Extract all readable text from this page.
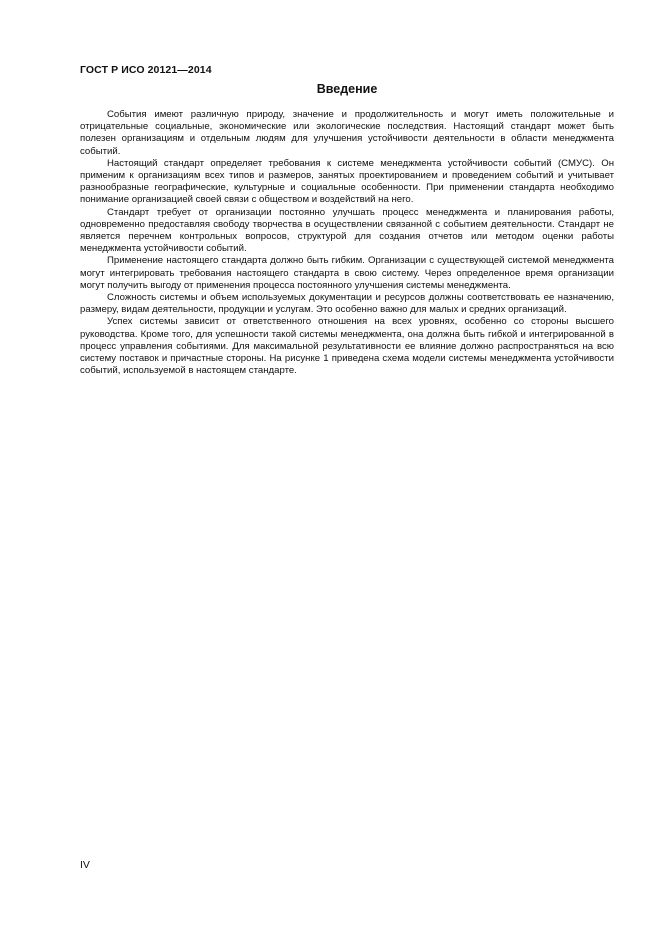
ГОСТ Р ИСО 20121—2014
Введение

События имеют различную природу, значение и продолжительность и могут иметь положительные и отрицательные социальные, экономические или экологические последствия. Настоящий стандарт может быть полезен организациям и отдельным людям для улучшения устойчивости деятельности в области менеджмента событий.

Настоящий стандарт определяет требования к системе менеджмента устойчивости событий (СМУС). Он применим к организациям всех типов и размеров, занятых проектированием и проведением событий и учитывает разнообразные географические, культурные и социальные особенности. При применении стандарта необходимо понимание организацией своей связи с обществом и воздействий на него.

Стандарт требует от организации постоянно улучшать процесс менеджмента и планирования работы, одновременно предоставляя свободу творчества в осуществлении связанной с событием деятельности. Стандарт не является перечнем контрольных вопросов, структурой для создания отчетов или методом оценки работы менеджмента устойчивости событий.

Применение настоящего стандарта должно быть гибким. Организации с существующей системой менеджмента могут интегрировать требования настоящего стандарта в свою систему. Через определенное время организации могут получить выгоду от применения процесса постоянного улучшения системы менеджмента.

Сложность системы и объем используемых документации и ресурсов должны соответствовать ее назначению, размеру, видам деятельности, продукции и услугам. Это особенно важно для малых и средних организаций.

Успех системы зависит от ответственного отношения на всех уровнях, особенно со стороны высшего руководства. Кроме того, для успешности такой системы менеджмента, она должна быть гибкой и интегрированной в процесс управления событиями. Для максимальной результативности ее влияние должно распространяться на всю систему поставок и причастные стороны. На рисунке 1 приведена схема модели системы менеджмента устойчивости событий, используемой в настоящем стандарте.

IV
